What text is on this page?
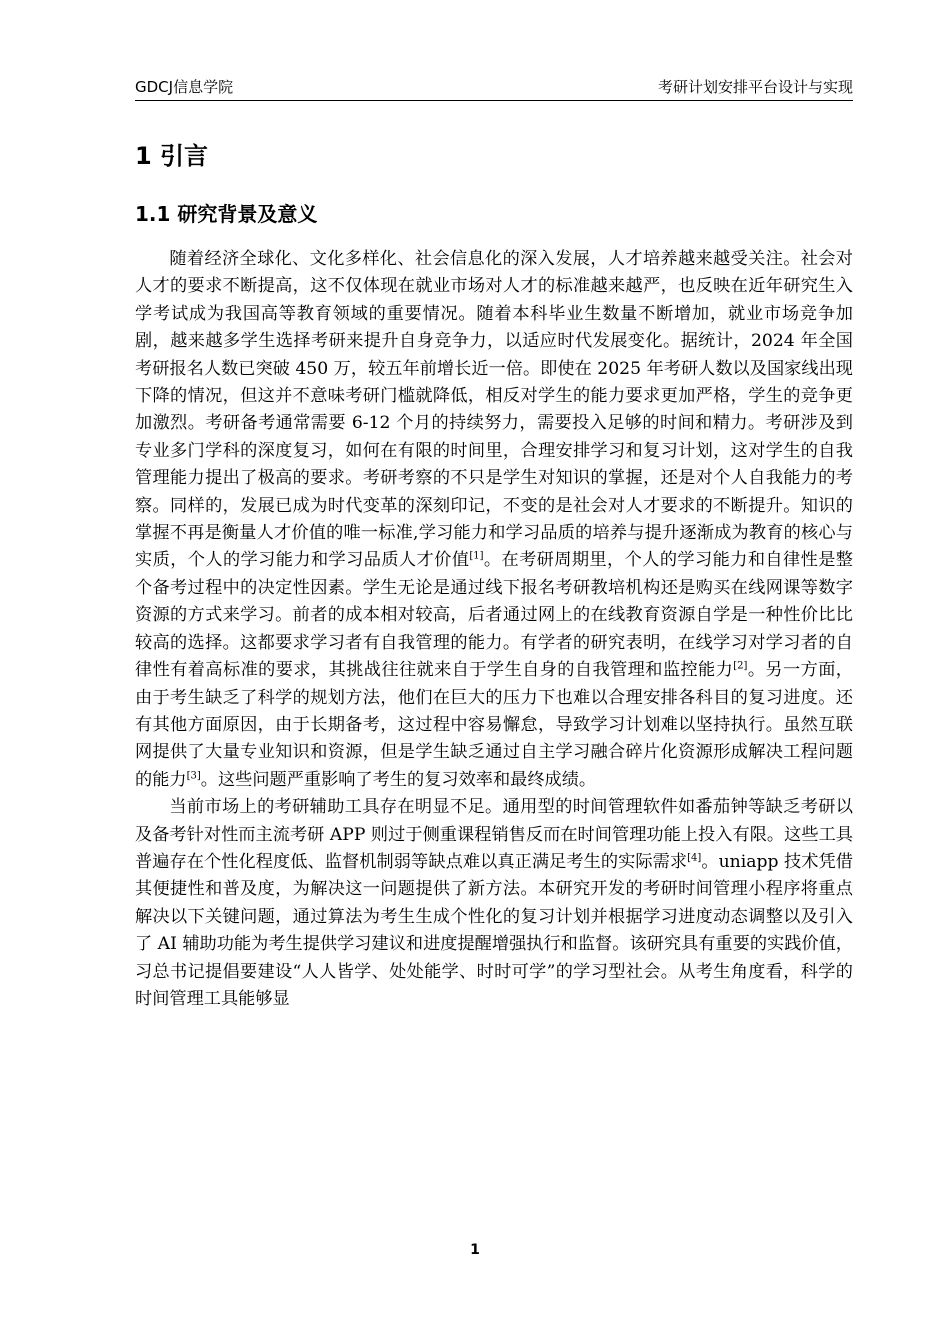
GDCJ信息学院	考研计划安排平台设计与实现
1 引言
1.1 研究背景及意义

随着经济全球化、文化多样化、社会信息化的深入发展，人才培养越来越受关注。社会对人才的要求不断提高，这不仅体现在就业市场对人才的标准越来越严，也反映在近年研究生入学考试成为我国高等教育领域的重要情况。随着本科毕业生数量不断增加，就业市场竞争加剧，越来越多学生选择考研来提升自身竞争力，以适应时代发展变化。据统计，2024 年全国考研报名人数已突破 450 万，较五年前增长近一倍。即使在 2025 年考研人数以及国家线出现下降的情况，但这并不意味考研门槛就降低，相反对学生的能力要求更加严格，学生的竞争更加激烈。考研备考通常需要 6-12 个月的持续努力，需要投入足够的时间和精力。考研涉及到专业多门学科的深度复习，如何在有限的时间里，合理安排学习和复习计划，这对学生的自我管理能力提出了极高的要求。考研考察的不只是学生对知识的掌握，还是对个人自我能力的考察。同样的，发展已成为时代变革的深刻印记，不变的是社会对人才要求的不断提升。知识的掌握不再是衡量人才价值的唯一标准,学习能力和学习品质的培养与提升逐渐成为教育的核心与实质，个人的学习能力和学习品质人才价值[1]。在考研周期里，个人的学习能力和自律性是整个备考过程中的决定性因素。学生无论是通过线下报名考研教培机构还是购买在线网课等数字资源的方式来学习。前者的成本相对较高，后者通过网上的在线教育资源自学是一种性价比比较高的选择。这都要求学习者有自我管理的能力。有学者的研究表明，在线学习对学习者的自律性有着高标准的要求，其挑战往往就来自于学生自身的自我管理和监控能力[2]。另一方面，由于考生缺乏了科学的规划方法，他们在巨大的压力下也难以合理安排各科目的复习进度。还有其他方面原因，由于长期备考，这过程中容易懈怠，导致学习计划难以坚持执行。虽然互联网提供了大量专业知识和资源，但是学生缺乏通过自主学习融合碎片化资源形成解决工程问题的能力[3]。这些问题严重影响了考生的复习效率和最终成绩。

当前市场上的考研辅助工具存在明显不足。通用型的时间管理软件如番茄钟等缺乏考研以及备考针对性而主流考研 APP 则过于侧重课程销售反而在时间管理功能上投入有限。这些工具普遍存在个性化程度低、监督机制弱等缺点难以真正满足考生的实际需求[4]。uniapp 技术凭借其便捷性和普及度，为解决这一问题提供了新方法。本研究开发的考研时间管理小程序将重点解决以下关键问题，通过算法为考生生成个性化的复习计划并根据学习进度动态调整以及引入了 AI 辅助功能为考生提供学习建议和进度提醒增强执行和监督。该研究具有重要的实践价值，习总书记提倡要建设“人人皆学、处处能学、时时可学”的学习型社会。从考生角度看，科学的时间管理工具能够显

1
